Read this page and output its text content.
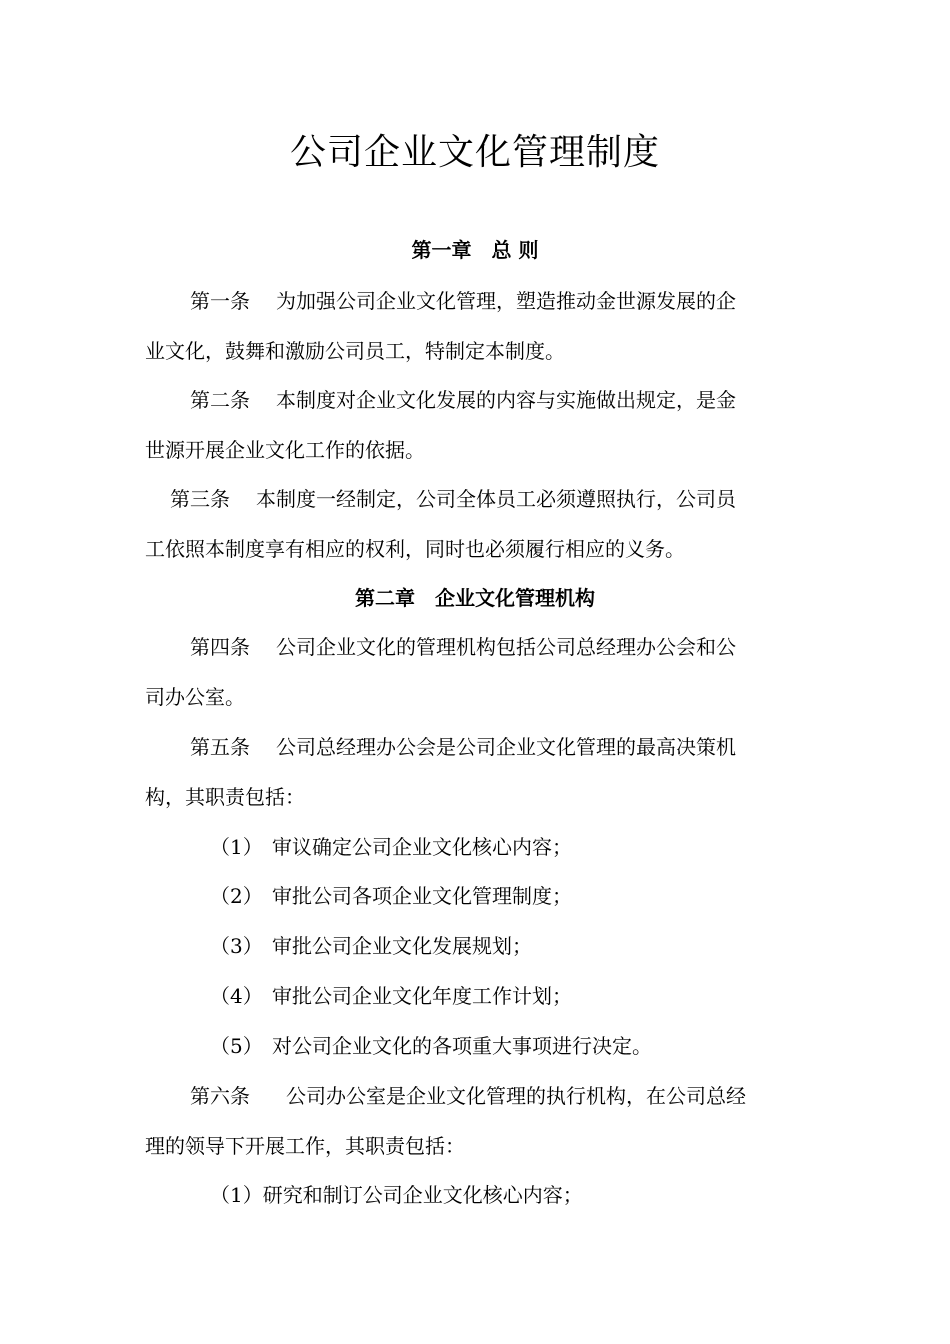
公司企业文化管理制度
第一章　总 则
第一条 为加强公司企业文化管理，塑造推动金世源发展的企
业文化，鼓舞和激励公司员工，特制定本制度。
第二条 本制度对企业文化发展的内容与实施做出规定，是金
世源开展企业文化工作的依据。
第三条 本制度一经制定，公司全体员工必须遵照执行，公司员
工依照本制度享有相应的权利，同时也必须履行相应的义务。
第二章　企业文化管理机构
第四条 公司企业文化的管理机构包括公司总经理办公会和公
司办公室。
第五条 公司总经理办公会是公司企业文化管理的最高决策机
构，其职责包括：
（1） 审议确定公司企业文化核心内容；
（2） 审批公司各项企业文化管理制度；
（3） 审批公司企业文化发展规划；
（4） 审批公司企业文化年度工作计划；
（5） 对公司企业文化的各项重大事项进行决定。
第六条 公司办公室是企业文化管理的执行机构，在公司总经
理的领导下开展工作，其职责包括：
（1）研究和制订公司企业文化核心内容；
